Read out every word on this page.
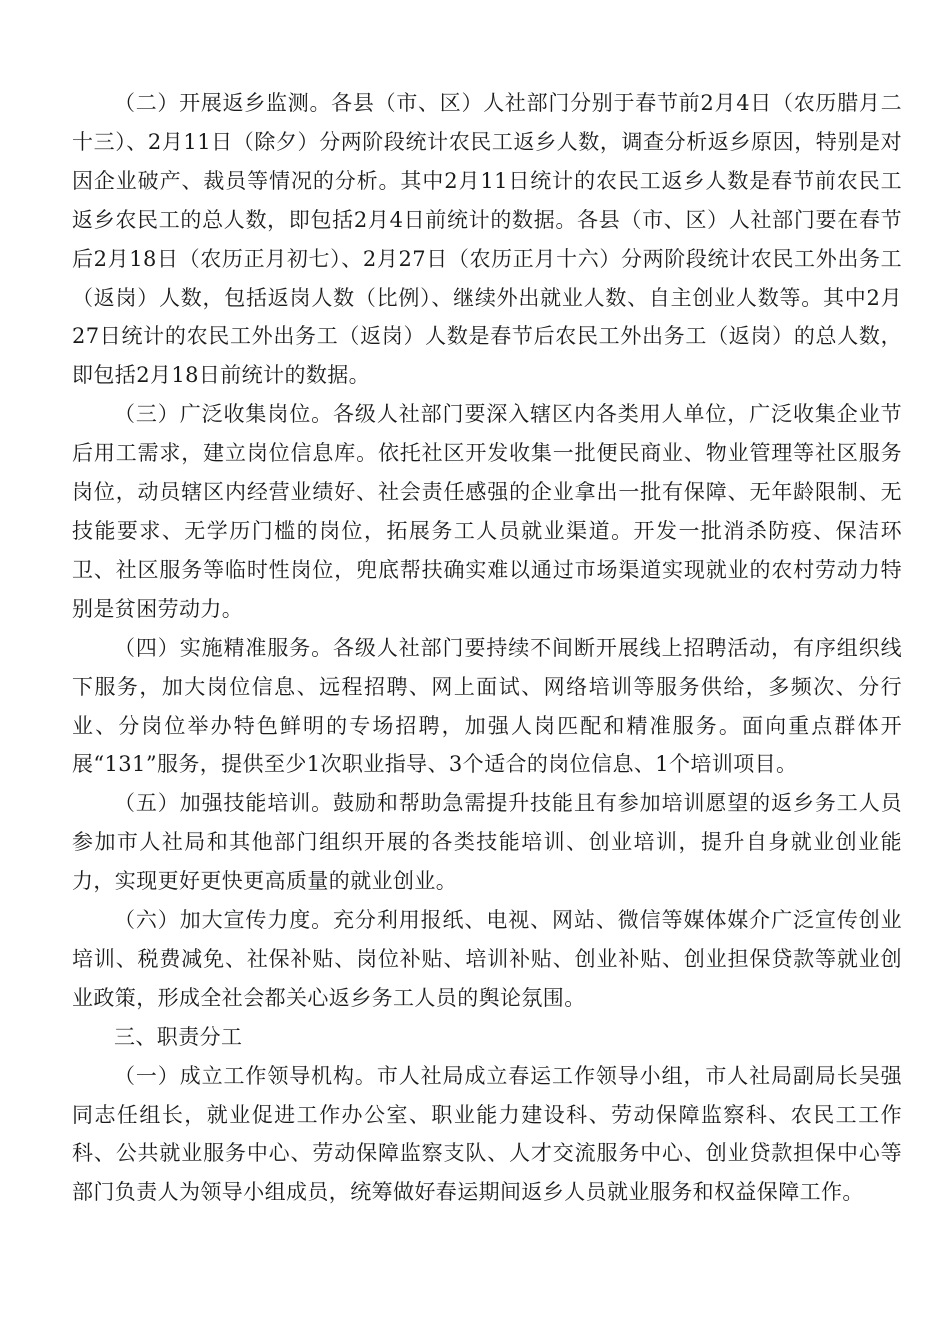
（二）开展返乡监测。各县（市、区）人社部门分别于春节前2月4日（农历腊月二十三）、2月11日（除夕）分两阶段统计农民工返乡人数，调查分析返乡原因，特别是对因企业破产、裁员等情况的分析。其中2月11日统计的农民工返乡人数是春节前农民工返乡农民工的总人数，即包括2月4日前统计的数据。各县（市、区）人社部门要在春节后2月18日（农历正月初七）、2月27日（农历正月十六）分两阶段统计农民工外出务工（返岗）人数，包括返岗人数（比例）、继续外出就业人数、自主创业人数等。其中2月27日统计的农民工外出务工（返岗）人数是春节后农民工外出务工（返岗）的总人数，即包括2月18日前统计的数据。

（三）广泛收集岗位。各级人社部门要深入辖区内各类用人单位，广泛收集企业节后用工需求，建立岗位信息库。依托社区开发收集一批便民商业、物业管理等社区服务岗位，动员辖区内经营业绩好、社会责任感强的企业拿出一批有保障、无年龄限制、无技能要求、无学历门槛的岗位，拓展务工人员就业渠道。开发一批消杀防疫、保洁环卫、社区服务等临时性岗位，兜底帮扶确实难以通过市场渠道实现就业的农村劳动力特别是贫困劳动力。

（四）实施精准服务。各级人社部门要持续不间断开展线上招聘活动，有序组织线下服务，加大岗位信息、远程招聘、网上面试、网络培训等服务供给，多频次、分行业、分岗位举办特色鲜明的专场招聘，加强人岗匹配和精准服务。面向重点群体开展“131”服务，提供至少1次职业指导、3个适合的岗位信息、1个培训项目。

（五）加强技能培训。鼓励和帮助急需提升技能且有参加培训愿望的返乡务工人员参加市人社局和其他部门组织开展的各类技能培训、创业培训，提升自身就业创业能力，实现更好更快更高质量的就业创业。

（六）加大宣传力度。充分利用报纸、电视、网站、微信等媒体媒介广泛宣传创业培训、税费减免、社保补贴、岗位补贴、培训补贴、创业补贴、创业担保贷款等就业创业政策，形成全社会都关心返乡务工人员的舆论氛围。

三、职责分工

（一）成立工作领导机构。市人社局成立春运工作领导小组，市人社局副局长吴强同志任组长，就业促进工作办公室、职业能力建设科、劳动保障监察科、农民工工作科、公共就业服务中心、劳动保障监察支队、人才交流服务中心、创业贷款担保中心等部门负责人为领导小组成员，统筹做好春运期间返乡人员就业服务和权益保障工作。
